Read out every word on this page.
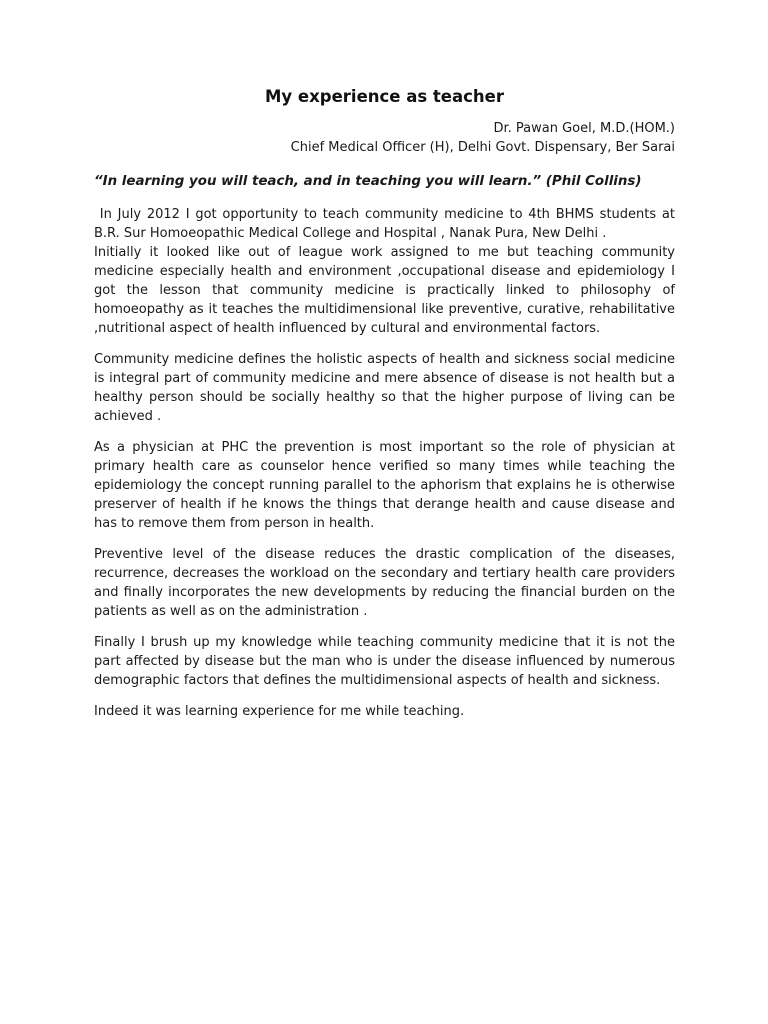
My experience as teacher

Dr. Pawan Goel, M.D.(HOM.)

Chief Medical Officer (H), Delhi Govt. Dispensary, Ber Sarai

“In learning you will teach, and in teaching you will learn.” (Phil Collins)

In July 2012 I got opportunity to teach community medicine to 4th BHMS students at B.R. Sur Homoeopathic Medical College and Hospital , Nanak Pura, New Delhi .

Initially it looked like out of league work assigned to me but teaching community medicine especially health and environment ,occupational disease and epidemiology I got the lesson that community medicine is practically linked to philosophy of homoeopathy as it teaches the multidimensional like preventive, curative, rehabilitative ,nutritional aspect of health influenced by cultural and environmental factors.

Community medicine defines the holistic aspects of health and sickness social medicine is integral part of community medicine and mere absence of disease is not health but a healthy person should be socially healthy so that the higher purpose of living can be achieved .

As a physician at PHC the prevention is most important so the role of physician at primary health care as counselor hence verified so many times while teaching the epidemiology the concept running parallel to the aphorism that explains he is otherwise preserver of health if he knows the things that derange health and cause disease and has to remove them from person in health.

Preventive level of the disease reduces the drastic complication of the diseases, recurrence, decreases the workload on the secondary and tertiary health care providers and finally incorporates the new developments by reducing the financial burden on the patients as well as on the administration .

Finally I brush up my knowledge while teaching community medicine that it is not the part affected by disease but the man who is under the disease influenced by numerous demographic factors that defines the multidimensional aspects of health and sickness.

Indeed it was learning experience for me while teaching.
